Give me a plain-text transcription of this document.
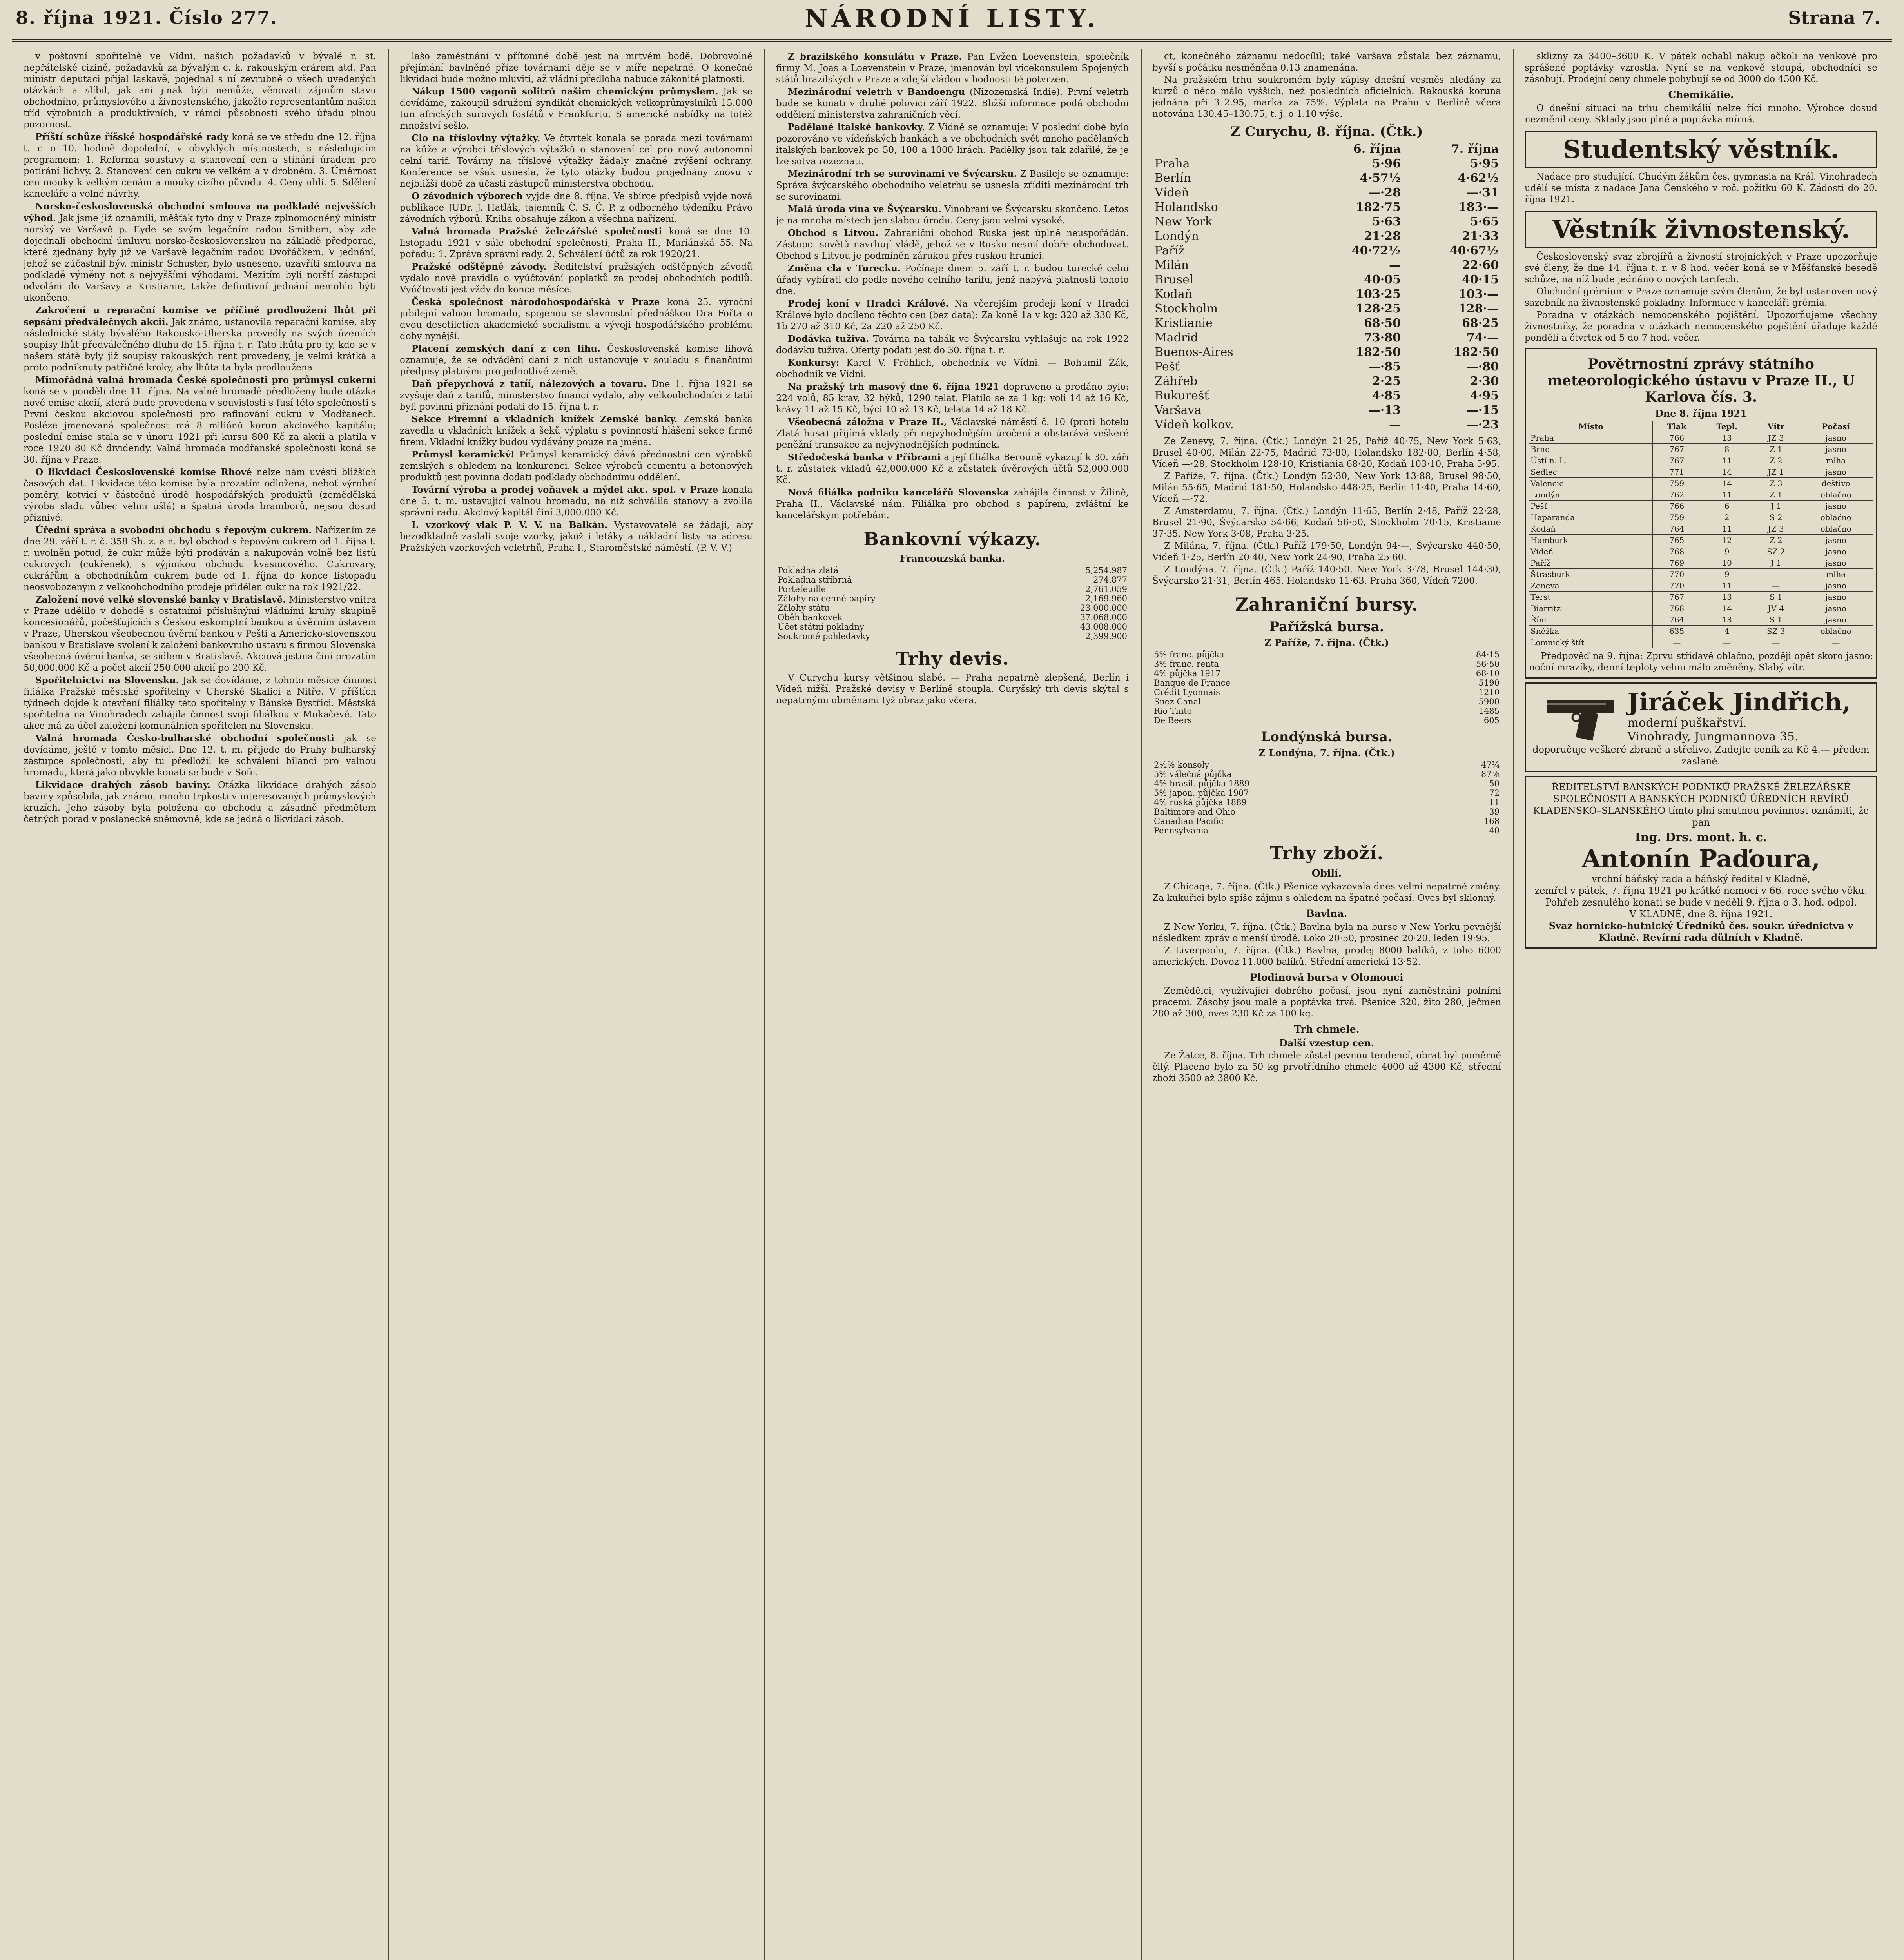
8. října 1921. Číslo 277.	NÁRODNÍ LISTY.	Strana 7.

v poštovní spořitelně ve Vídni, našich požadavků v bývalé r. st. nepřátelské cizině, požadavků za bývalým c. k. rakouským erárem atd. Pan ministr deputaci přijal laskavě, pojednal s ní zevrubně o všech uvedených otázkách a slíbil, jak ani jinak býti nemůže, věnovati zájmům stavu obchodního, průmyslového a živnostenského, jakožto representantům našich tříd výrobních a produktivních, v rámci působnosti svého úřadu plnou pozornost.

Příští schůze říšské hospodářské rady koná se ve středu dne 12. října t. r. o 10. hodině dopolední, v obvyklých místnostech, s následujícím programem: 1. Reforma soustavy a stanovení cen a stíhání úradem pro potírání lichvy. 2. Stanovení cen cukru ve velkém a v drobném. 3. Úměrnost cen mouky k velkým cenám a mouky cizího původu. 4. Ceny uhlí. 5. Sdělení kanceláře a volné návrhy.

Norsko-československá obchodní smlouva na podkladě nejvyšších výhod. Jak jsme již oznámili, měšťák tyto dny v Praze zplnomocněný ministr norský ve Varšavě p. Eyde se svým legačním radou Smithem, aby zde dojednali obchodní úmluvu norsko-československou na základě předporad, které zjednány byly již ve Varšavě legačním radou Dvořáčkem. V jednání, jehož se zúčastnil býv. ministr Schuster, bylo usneseno, uzavříti smlouvu na podkladě výměny not s nejvyššími výhodami. Mezitím byli norští zástupci odvoláni do Varšavy a Kristianie, takže definitivní jednání nemohlo býti ukončeno.

Zakročení u reparační komise ve příčině prodloužení lhůt při sepsání předválečných akcií. Jak známo, ustanovila reparační komise, aby následnické státy bývalého Rakousko-Uherska provedly na svých územích soupisy lhůt předválečného dluhu do 15. října t. r. Tato lhůta pro ty, kdo se v našem státě byly již soupisy rakouských rent provedeny, je velmi krátká a proto podniknuty patřičné kroky, aby lhůta ta byla prodloužena.

Mimořádná valná hromada České společnosti pro průmysl cukerní koná se v pondělí dne 11. října. Na valné hromadě předloženy bude otázka nové emise akcií, která bude provedena v souvislosti s fusí této společnosti s První českou akciovou společností pro rafinování cukru v Modřanech. Posléze jmenovaná společnost má 8 miliónů korun akciového kapitálu; poslední emise stala se v únoru 1921 při kursu 800 Kč za akcii a platila v roce 1920 80 Kč dividendy. Valná hromada modřanské společnosti koná se 30. října v Praze.

O likvidaci Československé komise Rhové nelze nám uvésti bližších časových dat. Likvidace této komise byla prozatím odložena, neboť výrobní poměry, kotvicí v částečné úrodě hospodářských produktů (zemědělská výroba sladu vůbec velmi ušlá) a špatná úroda bramborů, nejsou dosud příznivé.

Úřední správa a svobodní obchodu s řepovým cukrem. Nařízením ze dne 29. září t. r. č. 358 Sb. z. a n. byl obchod s řepovým cukrem od 1. října t. r. uvolněn potud, že cukr může býti prodáván a nakupován volně bez listů cukrových (cukřenek), s výjimkou obchodu kvasnicového. Cukrovary, cukrářům a obchodníkům cukrem bude od 1. října do konce listopadu neosvobozeným z velkoobchodního prodeje přidělen cukr na rok 1921/22.

Založení nové velké slovenské banky v Bratislavě. Ministerstvo vnitra v Praze udělilo v dohodě s ostatními příslušnými vládními kruhy skupině koncesionářů, počešťujících s Českou eskomptní bankou a úvěrním ústavem v Praze, Uherskou všeobecnou úvěrní bankou v Pešti a Americko-slovenskou bankou v Bratislavě svolení k založení bankovního ústavu s firmou Slovenská všeobecná úvěrní banka, se sídlem v Bratislavě. Akciová jistina činí prozatím 50,000.000 Kč a počet akcií 250.000 akcií po 200 Kč.

Spořitelnictví na Slovensku. Jak se dovídáme, z tohoto měsíce činnost filiálka Pražské městské spořitelny v Uherské Skalici a Nitře. V příštích týdnech dojde k otevření filiálky této spořitelny v Bánské Bystřici. Městská spořitelna na Vinohradech zahájila činnost svojí filiálkou v Mukačevě. Tato akce má za účel založení komunálních spořitelen na Slovensku.

Valná hromada Česko-bulharské obchodní společnosti jak se dovídáme, ještě v tomto měsíci. Dne 12. t. m. přijede do Prahy bulharský zástupce společnosti, aby tu předložil ke schválení bilanci pro valnou hromadu, která jako obvykle konati se bude v Sofii.

Likvidace drahých zásob baviny. Otázka likvidace drahých zásob baviny způsobila, jak známo, mnoho trpkosti v interesovaných průmyslových kruzích. Jeho zásoby byla položena do obchodu a zásadně předmětem četných porad v poslanecké sněmovně, kde se jedná o likvidaci zásob.

lašo zaměstnání v přítomné době jest na mrtvém bodě. Dobrovolné přejímání bavlněné příze továrnami děje se v míře nepatrné. O konečné likvidaci bude možno mluviti, až vládní předloha nabude zákonité platnosti.

Nákup 1500 vagonů solitrů našim chemickým průmyslem. Jak se dovídáme, zakoupil sdružení syndikát chemických velkoprůmyslníků 15.000 tun afrických surových fosfátů v Frankfurtu. S americké nabídky na totéž množství sešlo.

Clo na třísloviny výtažky. Ve čtvrtek konala se porada mezi továrnami na kůže a výrobci tříslových výtažků o stanovení cel pro nový autonomní celní tarif. Továrny na tříslové výtažky žádaly značné zvýšení ochrany. Konference se však usnesla, že tyto otázky budou projednány znovu v nejbližší době za účasti zástupců ministerstva obchodu.

O závodních výborech vyjde dne 8. října. Ve sbírce předpisů vyjde nová publikace JUDr. J. Hatlák, tajemník Č. S. Č. P. z odborného týdeníku Právo závodních výborů. Kniha obsahuje zákon a všechna nařízení.

Valná hromada Pražské železářské společnosti koná se dne 10. listopadu 1921 v sále obchodní společnosti, Praha II., Mariánská 55. Na pořadu: 1. Zpráva správní rady. 2. Schválení účtů za rok 1920/21.

Pražské odštěpné závody. Ředitelství pražských odštěpných závodů vydalo nově pravidla o vyúčtování poplatků za prodej obchodních podílů. Vyúčtovati jest vždy do konce měsíce.

Česká společnost národohospodářská v Praze koná 25. výroční jubilejní valnou hromadu, spojenou se slavnostní přednáškou Dra Fořta o dvou desetiletích akademické socialismu a vývoji hospodářského problému doby nynější.

Placení zemských daní z cen lihu. Československá komise lihová oznamuje, že se odvádění daní z nich ustanovuje v souladu s finančními předpisy platnými pro jednotlivé země.

Daň přepychová z tatíí, nálezových a tovaru. Dne 1. října 1921 se zvyšuje daň z tarifů, ministerstvo financí vydalo, aby velkoobchodníci z tatíí byli povinni přiznání podati do 15. října t. r.

Sekce Firemní a vkladních knížek Zemské banky. Zemská banka zavedla u vkladních knížek a šeků výplatu s povinností hlášení sekce firmě firem. Vkladní knížky budou vydávány pouze na jména.

Průmysl keramický! Průmysl keramický dává přednostní cen výrobků zemských s ohledem na konkurenci. Sekce výrobců cementu a betonových produktů jest povinna dodati podklady obchodnímu oddělení.

Tovární výroba a prodej voňavek a mýdel akc. spol. v Praze konala dne 5. t. m. ustavující valnou hromadu, na níž schválila stanovy a zvolila správní radu. Akciový kapitál činí 3,000.000 Kč.

I. vzorkový vlak P. V. V. na Balkán. Vystavovatelé se žádají, aby bezodkladně zaslali svoje vzorky, jakož i letáky a nákladní listy na adresu Pražských vzorkových veletrhů, Praha I., Staroměstské náměstí. (P. V. V.)

Z brazilského konsulátu v Praze. Pan Evžen Loevenstein, společník firmy M. Joas a Loevenstein v Praze, jmenován byl vicekonsulem Spojených států brazilských v Praze a zdejší vládou v hodnosti té potvrzen.

Mezinárodní veletrh v Bandoengu (Nizozemská Indie). První veletrh bude se konati v druhé polovici září 1922. Bližší informace podá obchodní oddělení ministerstva zahraničních věcí.

Padělané italské bankovky. Z Vídně se oznamuje: V poslední době bylo pozorováno ve vídeňských bankách a ve obchodních svět mnoho padělaných italských bankovek po 50, 100 a 1000 lirách. Padělky jsou tak zdařilé, že je lze sotva rozeznati.

Mezinárodní trh se surovinami ve Švýcarsku. Z Basileje se oznamuje: Správa švýcarského obchodního veletrhu se usnesla zříditi mezinárodní trh se surovinami.

Malá úroda vína ve Švýcarsku. Vinobraní ve Švýcarsku skončeno. Letos je na mnoha místech jen slabou úrodu. Ceny jsou velmi vysoké.

Obchod s Litvou. Zahraniční obchod Ruska jest úplně neuspořádán. Zástupci sovětů navrhují vládě, jehož se v Rusku nesmí dobře obchodovat. Obchod s Litvou je podmíněn zárukou přes ruskou hranici.

Změna cla v Turecku. Počínaje dnem 5. září t. r. budou turecké celní úřady vybírati clo podle nového celního tarifu, jenž nabývá platnosti tohoto dne.

Prodej koní v Hradci Králové. Na včerejším prodeji koní v Hradci Králové bylo docíleno těchto cen (bez data): Za koně 1a v kg: 320 až 330 Kč, 1b 270 až 310 Kč, 2a 220 až 250 Kč.

Dodávka tuživa. Továrna na tabák ve Švýcarsku vyhlašuje na rok 1922 dodávku tuživa. Oferty podati jest do 30. října t. r.

Konkursy: Karel V. Fröhlich, obchodník ve Vídni. — Bohumil Žák, obchodník ve Vídni.

Na pražský trh masový dne 6. října 1921 dopraveno a prodáno bylo: 224 volů, 85 krav, 32 býků, 1290 telat. Platilo se za 1 kg: voli 14 až 16 Kč, krávy 11 až 15 Kč, býci 10 až 13 Kč, telata 14 až 18 Kč.

Všeobecná záložna v Praze II., Václavské náměstí č. 10 (proti hotelu Zlatá husa) přijímá vklady při nejvýhodnějším úročení a obstarává veškeré peněžní transakce za nejvýhodnějších podmínek.

Středočeská banka v Příbrami a její filiálka Berouně vykazují k 30. září t. r. zůstatek vkladů 42,000.000 Kč a zůstatek úvěrových účtů 52,000.000 Kč.

Nová filiálka podniku kancelářů Slovenska zahájila činnost v Žilině, Praha II., Václavské nám. Filiálka pro obchod s papírem, zvláštní ke kancelářským potřebám.

Bankovní výkazy.
Francouzská banka.
Pokladna zlatá	5,254.987
Pokladna stříbrná	274.877
Portefeuille	2,761.059
Zálohy na cenné papíry	2,169.960
Zálohy státu	23.000.000
Oběh bankovek	37.068.000
Účet státní pokladny	43.008.000
Soukromé pohledávky	2,399.900
Trhy devis.

V Curychu kursy většinou slabé. — Praha nepatrně zlepšená, Berlín i Vídeň nižší. Pražské devisy v Berlíně stoupla. Curyšský trh devis skýtal s nepatrnými obměnami týž obraz jako včera.

ct, konečného záznamu nedocílil; také Varšava zůstala bez záznamu, byvší s počátku nesměněna 0.13 znamenána.

Na pražském trhu soukromém byly zápisy dnešní vesměs hledány za kurzů o něco málo vyšších, než posledních oficielních. Rakouská koruna jednána při 3–2.95, marka za 75%. Výplata na Prahu v Berlíně včera notována 130.45–130.75, t. j. o 1.10 výše.

Z Curychu, 8. října. (Čtk.)
	6. října	7. října
Praha	5·96	5·95
Berlín	4·57½	4·62½
Vídeň	—·28	—·31
Holandsko	182·75	183·—
New York	5·63	5·65
Londýn	21·28	21·33
Paříž	40·72½	40·67½
Milán	—	22·60
Brusel	40·05	40·15
Kodaň	103·25	103·—
Stockholm	128·25	128·—
Kristianie	68·50	68·25
Madrid	73·80	74·—
Buenos-Aires	182·50	182·50
Pešť	—·85	—·80
Záhřeb	2·25	2·30
Bukurešť	4·85	4·95
Varšava	—·13	—·15
Vídeň kolkov.	—	—·23

Ze Zenevy, 7. října. (Čtk.) Londýn 21·25, Paříž 40·75, New York 5·63, Brusel 40·00, Milán 22·75, Madrid 73·80, Holandsko 182·80, Berlín 4·58, Vídeň —·28, Stockholm 128·10, Kristiania 68·20, Kodaň 103·10, Praha 5·95.

Z Paříže, 7. října. (Čtk.) Londýn 52·30, New York 13·88, Brusel 98·50, Milán 55·65, Madrid 181·50, Holandsko 448·25, Berlín 11·40, Praha 14·60, Vídeň —·72.

Z Amsterdamu, 7. října. (Čtk.) Londýn 11·65, Berlín 2·48, Paříž 22·28, Brusel 21·90, Švýcarsko 54·66, Kodaň 56·50, Stockholm 70·15, Kristianie 37·35, New York 3·08, Praha 3·25.

Z Milána, 7. října. (Čtk.) Paříž 179·50, Londýn 94·—, Švýcarsko 440·50, Vídeň 1·25, Berlín 20·40, New York 24·90, Praha 25·60.

Z Londýna, 7. října. (Čtk.) Paříž 140·50, New York 3·78, Brusel 144·30, Švýcarsko 21·31, Berlín 465, Holandsko 11·63, Praha 360, Vídeň 7200.

Zahraniční bursy.
Pařížská bursa.
Z Paříže, 7. října. (Čtk.)
5% franc. půjčka	84·15
3% franc. renta	56·50
4% půjčka 1917	68·10
Banque de France	5190
Crédit Lyonnais	1210
Suez-Canal	5900
Rio Tinto	1485
De Beers	605
Londýnská bursa.
Z Londýna, 7. října. (Čtk.)
2½% konsoly	47¾
5% válečná půjčka	87⅞
4% brasil. půjčka 1889	50
5% japon. půjčka 1907	72
4% ruská půjčka 1889	11
Baltimore and Ohio	39
Canadian Pacific	168
Pennsylvania	40
Trhy zboží.
Obilí.

Z Chicaga, 7. října. (Čtk.) Pšenice vykazovala dnes velmi nepatrné změny. Za kukuřici bylo spíše zájmu s ohledem na špatné počasí. Oves byl sklonný.

Bavlna.

Z New Yorku, 7. října. (Čtk.) Bavlna byla na burse v New Yorku pevnější následkem zpráv o menší úrodě. Loko 20·50, prosinec 20·20, leden 19·95.

Z Liverpoolu, 7. října. (Čtk.) Bavlna, prodej 8000 balíků, z toho 6000 amerických. Dovoz 11.000 balíků. Střední americká 13·52.

Plodinová bursa v Olomouci

Zemědělci, využívající dobrého počasí, jsou nyní zaměstnáni polními pracemi. Zásoby jsou malé a poptávka trvá. Pšenice 320, žito 280, ječmen 280 až 300, oves 230 Kč za 100 kg.

Trh chmele.
Další vzestup cen.

Ze Žatce, 8. října. Trh chmele zůstal pevnou tendencí, obrat byl poměrně čilý. Placeno bylo za 50 kg prvotřídního chmele 4000 až 4300 Kč, střední zboží 3500 až 3800 Kč.

sklizny za 3400–3600 K. V pátek ochabl nákup ačkoli na venkově pro sprášené poptávky vzrostla. Nyní se na venkově stoupá, obchodníci se zásobují. Prodejní ceny chmele pohybují se od 3000 do 4500 Kč.

Chemikálie.

O dnešní situaci na trhu chemikálií nelze říci mnoho. Výrobce dosud nezměnil ceny. Sklady jsou plné a poptávka mírná.

Studentský věstník.

Nadace pro studující. Chudým žákům čes. gymnasia na Král. Vinohradech udělí se místa z nadace Jana Čenského v roč. požitku 60 K. Žádosti do 20. října 1921.

Věstník živnostenský.

Československý svaz zbrojířů a živností strojnických v Praze upozorňuje své členy, že dne 14. října t. r. v 8 hod. večer koná se v Měšťanské besedě schůze, na níž bude jednáno o nových tarifech.

Obchodní grémium v Praze oznamuje svým členům, že byl ustanoven nový sazebník na živnostenské pokladny. Informace v kanceláři grémia.

Poradna v otázkách nemocenského pojištění. Upozorňujeme všechny živnostníky, že poradna v otázkách nemocenského pojištění úřaduje každé pondělí a čtvrtek od 5 do 7 hod. večer.

Povětrnostní zprávy státního meteorologického ústavu v Praze II., U Karlova čís. 3.
Dne 8. října 1921
Místo	Tlak	Tepl.	Vítr	Počasí
Praha	766	13	JZ 3	jasno
Brno	767	8	Z 1	jasno
Ústí n. L.	767	11	Z 2	mlha
Sedlec	771	14	JZ 1	jasno
Valencie	759	14	Z 3	deštivo
Londýn	762	11	Z 1	oblačno
Pešť	766	6	J 1	jasno
Haparanda	759	2	S 2	oblačno
Kodaň	764	11	JZ 3	oblačno
Hamburk	765	12	Z 2	jasno
Vídeň	768	9	SZ 2	jasno
Paříž	769	10	J 1	jasno
Štrasburk	770	9	—	mlha
Zeneva	770	11	—	jasno
Terst	767	13	S 1	jasno
Biarritz	768	14	JV 4	jasno
Řím	764	18	S 1	jasno
Sněžka	635	4	SZ 3	oblačno
Lomnický štít	—	—	—	—

Předpověď na 9. října: Zprvu střídavě oblačno, později opět skoro jasno; noční mrazíky, denní teploty velmi málo změněny. Slabý vítr.

Jiráček Jindřich,
moderní puškařství.
Vinohrady, Jungmannova 35.
doporučuje veškeré zbraně a střelivo. Zadejte ceník za Kč 4.— předem zaslané.
ŘEDITELSTVÍ BANSKÝCH PODNIKŮ PRAŽSKÉ ŽELEZÁŘSKÉ SPOLEČNOSTI A BANSKÝCH PODNIKŮ ÚŘEDNÍCH REVÍRŮ KLADENSKO–SLANSKÉHO tímto plní smutnou povinnost oznámiti, že pan
Ing. Drs. mont. h. c.
Antonín Paďoura,
vrchní báňský rada a báňský ředitel v Kladně,
zemřel v pátek, 7. října 1921 po krátké nemoci v 66. roce svého věku. Pohřeb zesnulého konati se bude v neděli 9. října o 3. hod. odpol.
V KLADNĚ, dne 8. října 1921.
Svaz hornicko-hutnický Úředníků čes. soukr. úřednictva v Kladně. Revírní rada důlních v Kladně.
